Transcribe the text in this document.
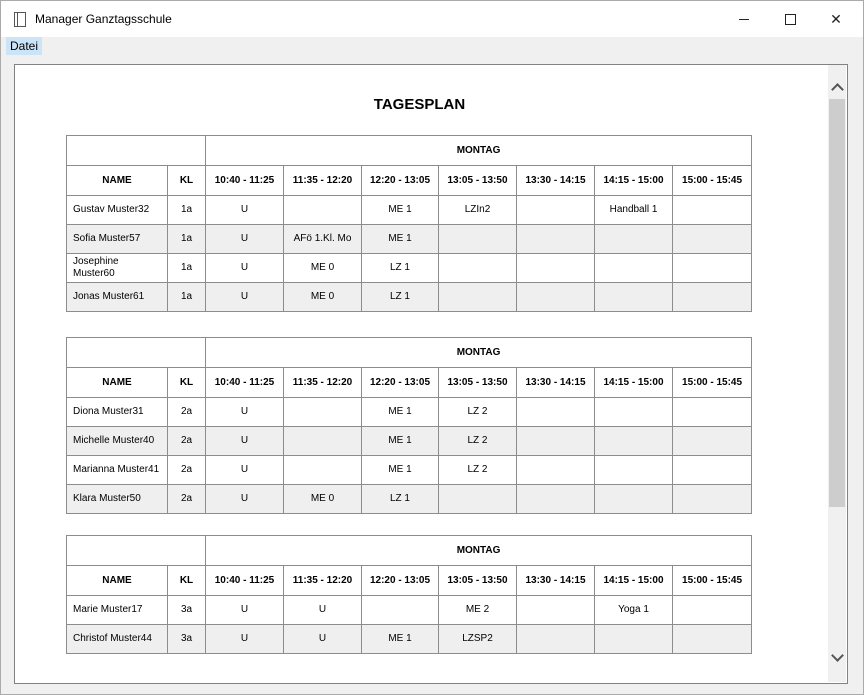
Manager Ganztagsschule	✕
Datei
TAGESPLAN
		MONTAG						
NAME	KL	10:40 - 11:25	11:35 - 12:20	12:20 - 13:05	13:05 - 13:50	13:30 - 14:15	14:15 - 15:00	15:00 - 15:45
Gustav Muster32	1a	U		ME 1	LZIn2		Handball 1	
Sofia Muster57	1a	U	AFö 1.Kl. Mo	ME 1				
Josephine Muster60	1a	U	ME 0	LZ 1				
Jonas Muster61	1a	U	ME 0	LZ 1				
		MONTAG						
NAME	KL	10:40 - 11:25	11:35 - 12:20	12:20 - 13:05	13:05 - 13:50	13:30 - 14:15	14:15 - 15:00	15:00 - 15:45
Diona Muster31	2a	U		ME 1	LZ 2			
Michelle Muster40	2a	U		ME 1	LZ 2			
Marianna Muster41	2a	U		ME 1	LZ 2			
Klara Muster50	2a	U	ME 0	LZ 1				
		MONTAG						
NAME	KL	10:40 - 11:25	11:35 - 12:20	12:20 - 13:05	13:05 - 13:50	13:30 - 14:15	14:15 - 15:00	15:00 - 15:45
Marie Muster17	3a	U	U		ME 2		Yoga 1	
Christof Muster44	3a	U	U	ME 1	LZSP2			
